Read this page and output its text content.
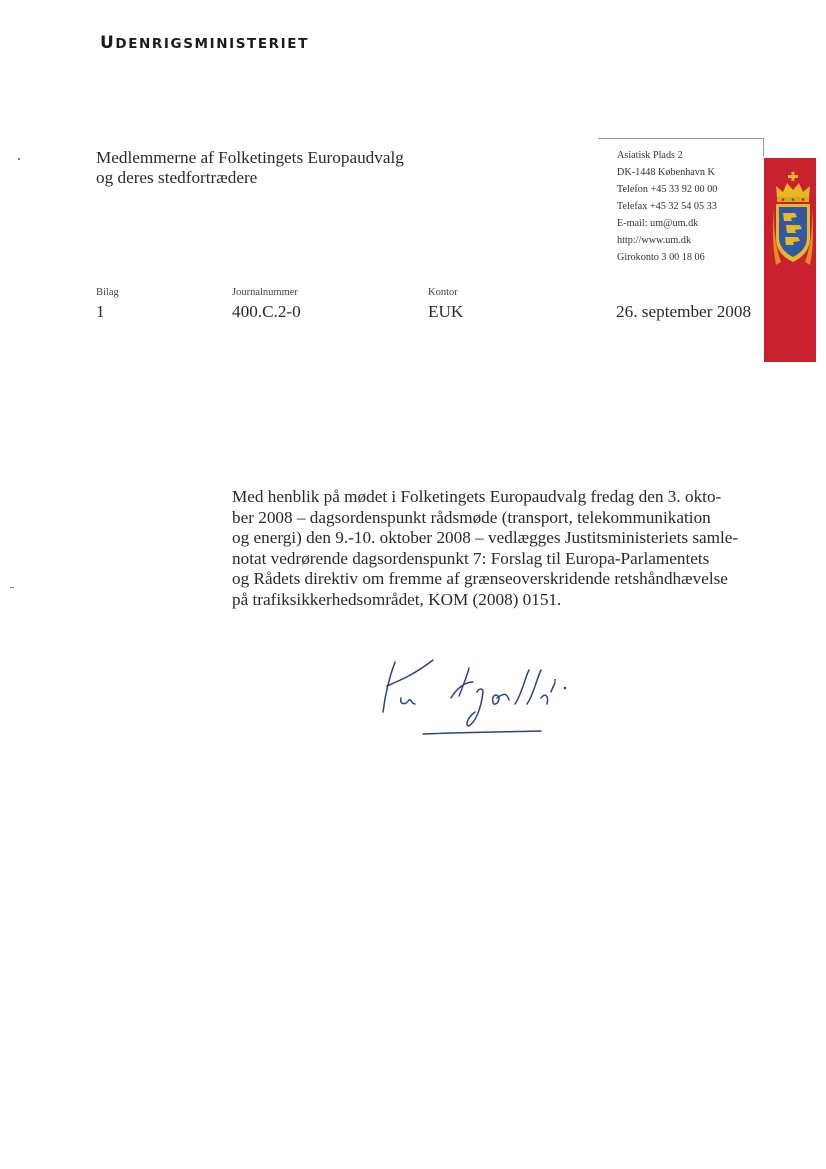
UDENRIGSMINISTERIET
Medlemmerne af Folketingets Europaudvalg
og deres stedfortrædere
Asiatisk Plads 2
DK-1448 København K
Telefon +45 33 92 00 00
Telefax +45 32 54 05 33
E-mail: um@um.dk
http://www.um.dk
Girokonto 3 00 18 06
Bilag
1
Journalnummer
400.C.2-0
Kontor
EUK	26. september 2008
Med henblik på mødet i Folketingets Europaudvalg fredag den 3. okto-
ber 2008 – dagsordenspunkt rådsmøde (transport, telekommunikation
og energi) den 9.-10. oktober 2008 – vedlægges Justitsministeriets samle-
notat vedrørende dagsordenspunkt 7: Forslag til Europa-Parlamentets
og Rådets direktiv om fremme af grænseoverskridende retshåndhævelse
på trafiksikkerhedsområdet, KOM (2008) 0151.
